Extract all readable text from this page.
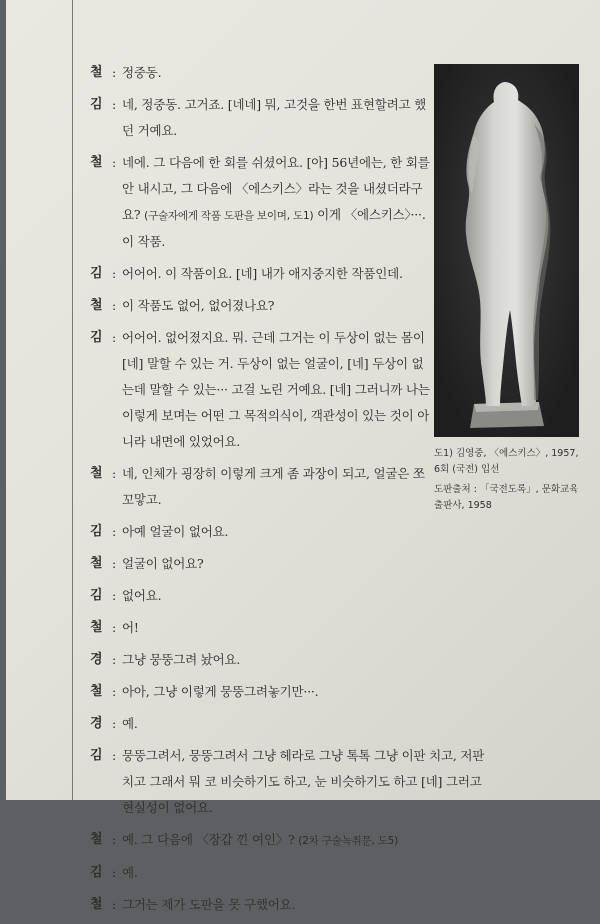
철 : 정중동.
김 : 네, 정중동. 고거죠. [네네] 뭐, 고것을 한번 표현할려고 했던 거예요.
철 : 네에. 그 다음에 한 회를 쉬셨어요. [아] 56년에는, 한 회를 안 내시고, 그 다음에 〈에스키스〉라는 것을 내셨더라구요? (구술자에게 작품 도판을 보이며, 도1) 이게 〈에스키스〉···. 이 작품.
김 : 어어어. 이 작품이요. [네] 내가 애지중지한 작품인데.
철 : 이 작품도 없어, 없어졌나요?
김 : 어어어. 없어졌지요. 뭐. 근데 그거는 이 두상이 없는 몸이 [네] 말할 수 있는 거. 두상이 없는 얼굴이, [네] 두상이 없는데 말할 수 있는··· 고걸 노린 거예요. [네] 그러니까 나는 이렇게 보며는 어떤 그 목적의식이, 객관성이 있는 것이 아니라 내면에 있었어요.
철 : 네, 인체가 굉장히 이렇게 크게 좀 과장이 되고, 얼굴은 쪼꼬맣고.
김 : 아예 얼굴이 없어요.
철 : 얼굴이 없어요?
김 : 없어요.
철 : 어!
경 : 그냥 뭉뚱그려 놨어요.
철 : 아아, 그냥 이렇게 뭉뚱그려놓기만···.
경 : 예.
김 : 뭉뚱그려서, 뭉뚱그려서 그냥 헤라로 그냥 톡톡 그냥 이판 치고, 저판 치고 그래서 뭐 코 비슷하기도 하고, 눈 비슷하기도 하고 [네] 그러고 현실성이 없어요.
철 : 예. 그 다음에 〈장갑 낀 여인〉? (2차 구술녹취문, 도5)
김 : 예.
철 : 그거는 제가 도판을 못 구했어요.

도1) 김영중, 〈에스키스〉, 1957, 6회 (국전) 입선

도판출처 : 「국전도록」, 문화교육출판사, 1958
